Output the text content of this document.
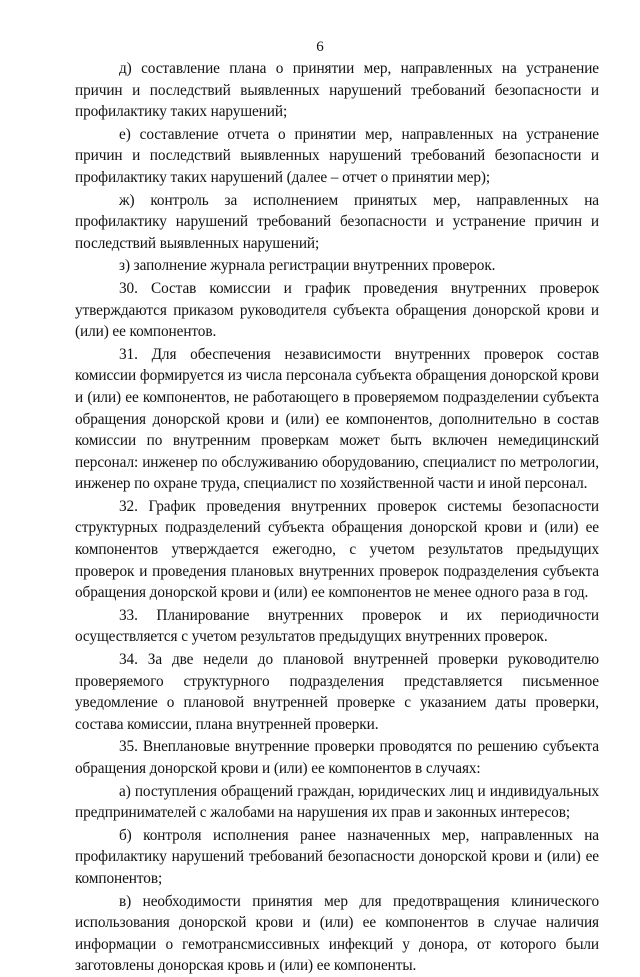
6

д) составление плана о принятии мер, направленных на устранение причин и последствий выявленных нарушений требований безопасности и профилактику таких нарушений;

е) составление отчета о принятии мер, направленных на устранение причин и последствий выявленных нарушений требований безопасности и профилактику таких нарушений (далее – отчет о принятии мер);

ж) контроль за исполнением принятых мер, направленных на профилактику нарушений требований безопасности и устранение причин и последствий выявленных нарушений;

з) заполнение журнала регистрации внутренних проверок.

30. Состав комиссии и график проведения внутренних проверок утверждаются приказом руководителя субъекта обращения донорской крови и (или) ее компонентов.

31. Для обеспечения независимости внутренних проверок состав комиссии формируется из числа персонала субъекта обращения донорской крови и (или) ее компонентов, не работающего в проверяемом подразделении субъекта обращения донорской крови и (или) ее компонентов, дополнительно в состав комиссии по внутренним проверкам может быть включен немедицинский персонал: инженер по обслуживанию оборудованию, специалист по метрологии, инженер по охране труда, специалист по хозяйственной части и иной персонал.

32. График проведения внутренних проверок системы безопасности структурных подразделений субъекта обращения донорской крови и (или) ее компонентов утверждается ежегодно, с учетом результатов предыдущих проверок и проведения плановых внутренних проверок подразделения субъекта обращения донорской крови и (или) ее компонентов не менее одного раза в год.

33. Планирование внутренних проверок и их периодичности осуществляется с учетом результатов предыдущих внутренних проверок.

34. За две недели до плановой внутренней проверки руководителю проверяемого структурного подразделения представляется письменное уведомление о плановой внутренней проверке с указанием даты проверки, состава комиссии, плана внутренней проверки.

35. Внеплановые внутренние проверки проводятся по решению субъекта обращения донорской крови и (или) ее компонентов в случаях:

а) поступления обращений граждан, юридических лиц и индивидуальных предпринимателей с жалобами на нарушения их прав и законных интересов;

б) контроля исполнения ранее назначенных мер, направленных на профилактику нарушений требований безопасности донорской крови и (или) ее компонентов;

в) необходимости принятия мер для предотвращения клинического использования донорской крови и (или) ее компонентов в случае наличия информации о гемотрансмиссивных инфекций у донора, от которого были заготовлены донорская кровь и (или) ее компоненты.
